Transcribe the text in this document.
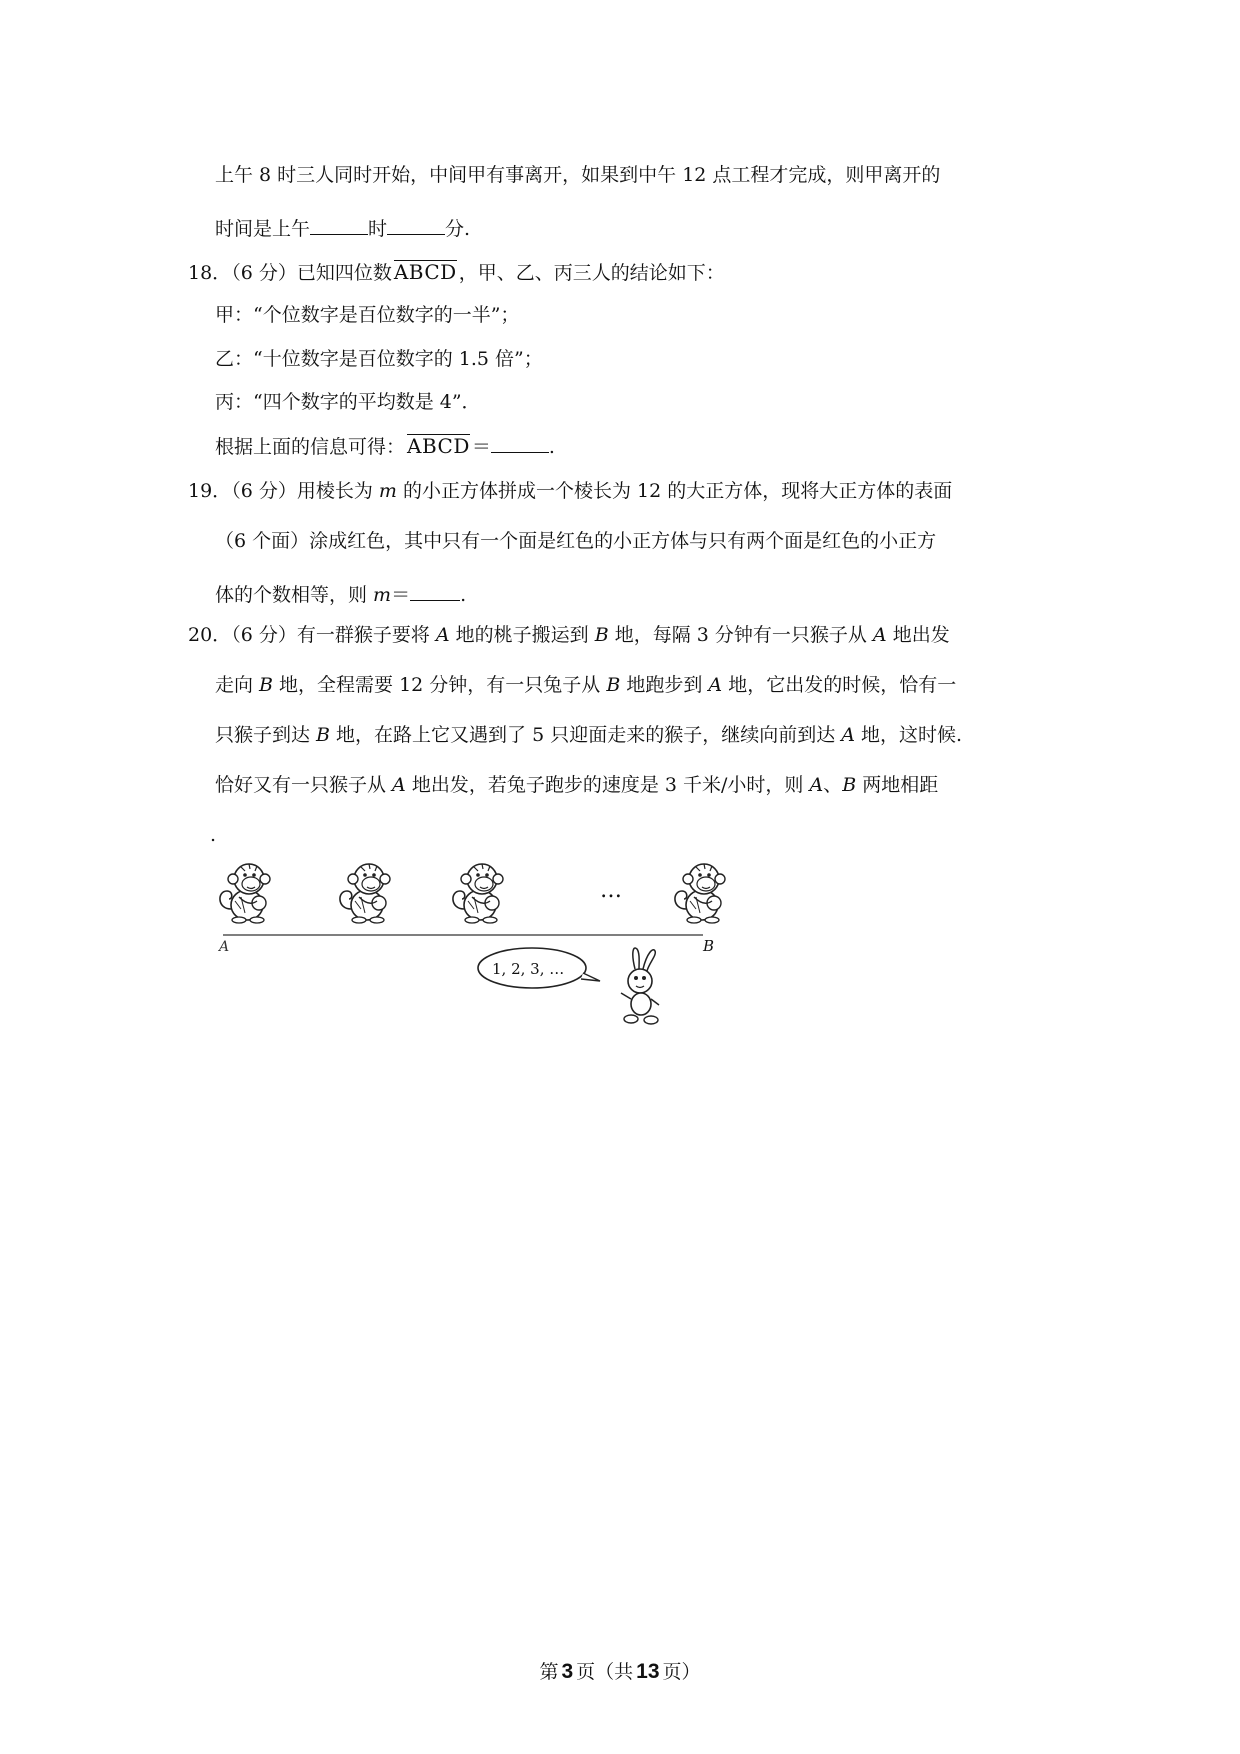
上午 8 时三人同时开始，中间甲有事离开，如果到中午 12 点工程才完成，则甲离开的
时间是上午	时	分.
18．（6 分）已知四位数 ABCD ，甲、乙、丙三人的结论如下：
甲：“个位数字是百位数字的一半”；
乙：“十位数字是百位数字的 1.5 倍”；
丙：“四个数字的平均数是 4”．
根据上面的信息可得： ABCD ＝	.
19．（6 分）用棱长为 m 的小正方体拼成一个棱长为 12 的大正方体，现将大正方体的表面
（6 个面）涂成红色，其中只有一个面是红色的小正方体与只有两个面是红色的小正方
体的个数相等，则 m＝	.
20．（6 分）有一群猴子要将 A 地的桃子搬运到 B 地，每隔 3 分钟有一只猴子从 A 地出发
走向 B 地，全程需要 12 分钟，有一只兔子从 B 地跑步到 A 地，它出发的时候，恰有一
只猴子到达 B 地，在路上它又遇到了 5 只迎面走来的猴子，继续向前到达 A 地，这时候.
恰好又有一只猴子从 A 地出发，若兔子跑步的速度是 3 千米/小时，则 A、B 两地相距
.
…
A	B
1, 2, 3, …
第 3 页（共 13 页）
